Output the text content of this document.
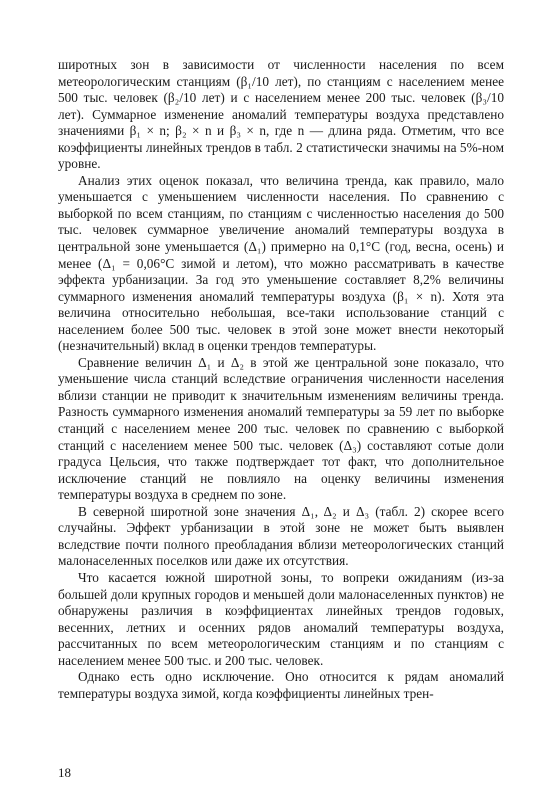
широтных зон в зависимости от численности населения по всем метеорологическим станциям (β₁/10 лет), по станциям с населением менее 500 тыс. человек (β₂/10 лет) и с населением менее 200 тыс. человек (β₃/10 лет). Суммарное изменение аномалий температуры воздуха представлено значениями β₁ × n; β₂ × n и β₃ × n, где n — длина ряда. Отметим, что все коэффициенты линейных трендов в табл. 2 статистически значимы на 5%-ном уровне.

Анализ этих оценок показал, что величина тренда, как правило, мало уменьшается с уменьшением численности населения. По сравнению с выборкой по всем станциям, по станциям с численностью населения до 500 тыс. человек суммарное увеличение аномалий температуры воздуха в центральной зоне уменьшается (Δ₁) примерно на 0,1°C (год, весна, осень) и менее (Δ₁ = 0,06°C зимой и летом), что можно рассматривать в качестве эффекта урбанизации. За год это уменьшение составляет 8,2% величины суммарного изменения аномалий температуры воздуха (β₁ × n). Хотя эта величина относительно небольшая, все-таки использование станций с населением более 500 тыс. человек в этой зоне может внести некоторый (незначительный) вклад в оценки трендов температуры.

Сравнение величин Δ₁ и Δ₂ в этой же центральной зоне показало, что уменьшение числа станций вследствие ограничения численности населения вблизи станции не приводит к значительным изменениям величины тренда. Разность суммарного изменения аномалий температуры за 59 лет по выборке станций с населением менее 200 тыс. человек по сравнению с выборкой станций с населением менее 500 тыс. человек (Δ₃) составляют сотые доли градуса Цельсия, что также подтверждает тот факт, что дополнительное исключение станций не повлияло на оценку величины изменения температуры воздуха в среднем по зоне.

В северной широтной зоне значения Δ₁, Δ₂ и Δ₃ (табл. 2) скорее всего случайны. Эффект урбанизации в этой зоне не может быть выявлен вследствие почти полного преобладания вблизи метеорологических станций малонаселенных поселков или даже их отсутствия.

Что касается южной широтной зоны, то вопреки ожиданиям (из-за большей доли крупных городов и меньшей доли малонаселенных пунктов) не обнаружены различия в коэффициентах линейных трендов годовых, весенних, летних и осенних рядов аномалий температуры воздуха, рассчитанных по всем метеорологическим станциям и по станциям с населением менее 500 тыс. и 200 тыс. человек.

Однако есть одно исключение. Оно относится к рядам аномалий температуры воздуха зимой, когда коэффициенты линейных трен-

18
